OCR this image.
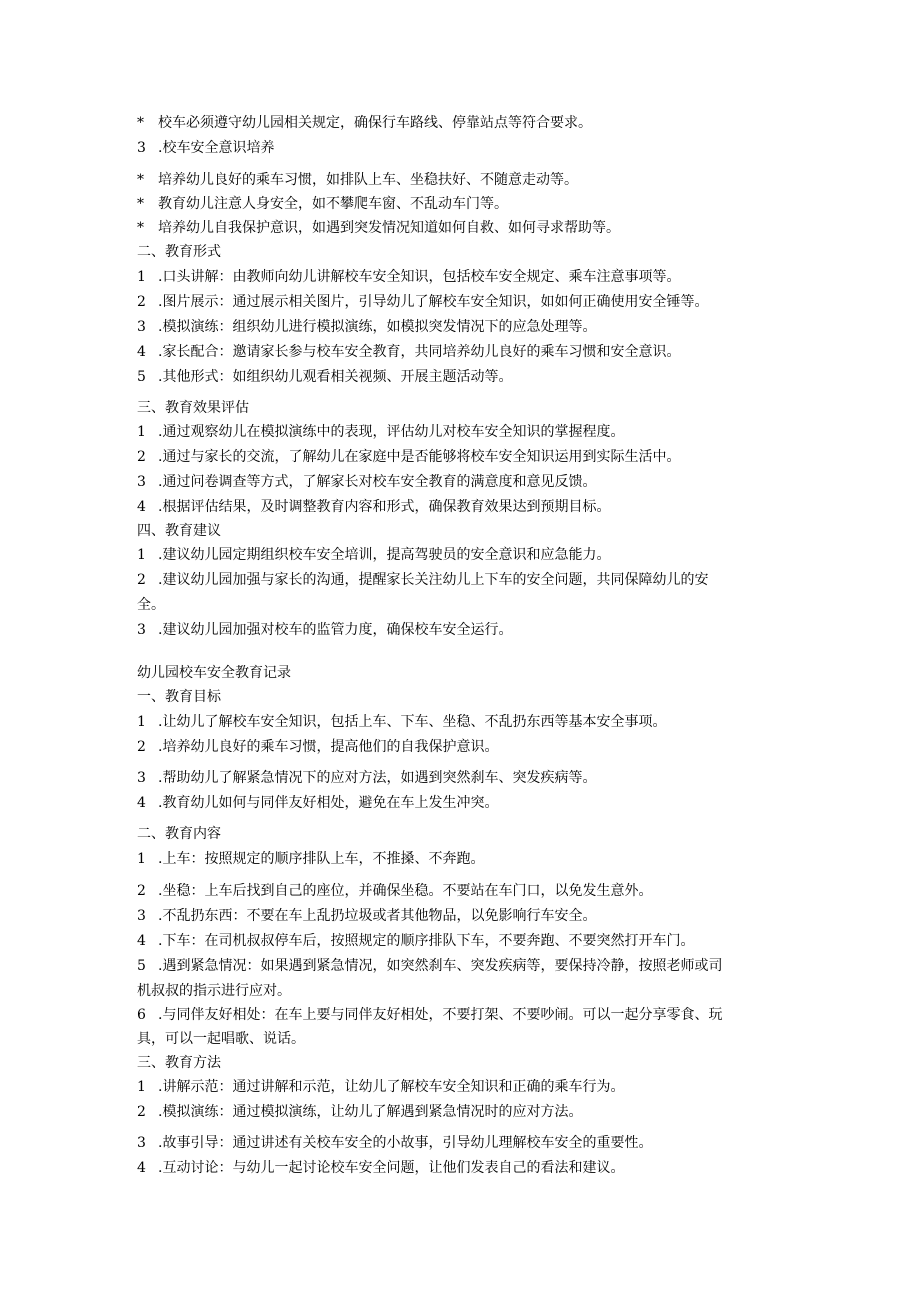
* 校车必须遵守幼儿园相关规定，确保行车路线、停靠站点等符合要求。
3 .校车安全意识培养
* 培养幼儿良好的乘车习惯，如排队上车、坐稳扶好、不随意走动等。
* 教育幼儿注意人身安全，如不攀爬车窗、不乱动车门等。
* 培养幼儿自我保护意识，如遇到突发情况知道如何自救、如何寻求帮助等。
二、教育形式
1 .口头讲解：由教师向幼儿讲解校车安全知识，包括校车安全规定、乘车注意事项等。
2 .图片展示：通过展示相关图片，引导幼儿了解校车安全知识，如如何正确使用安全锤等。
3 .模拟演练：组织幼儿进行模拟演练，如模拟突发情况下的应急处理等。
4 .家长配合：邀请家长参与校车安全教育，共同培养幼儿良好的乘车习惯和安全意识。
5 .其他形式：如组织幼儿观看相关视频、开展主题活动等。
三、教育效果评估
1 .通过观察幼儿在模拟演练中的表现，评估幼儿对校车安全知识的掌握程度。
2 .通过与家长的交流，了解幼儿在家庭中是否能够将校车安全知识运用到实际生活中。
3 .通过问卷调查等方式，了解家长对校车安全教育的满意度和意见反馈。
4 .根据评估结果，及时调整教育内容和形式，确保教育效果达到预期目标。
四、教育建议
1 .建议幼儿园定期组织校车安全培训，提高驾驶员的安全意识和应急能力。
2 .建议幼儿园加强与家长的沟通，提醒家长关注幼儿上下车的安全问题，共同保障幼儿的安
全。
3 .建议幼儿园加强对校车的监管力度，确保校车安全运行。
幼儿园校车安全教育记录
一、教育目标
1 .让幼儿了解校车安全知识，包括上车、下车、坐稳、不乱扔东西等基本安全事项。
2 .培养幼儿良好的乘车习惯，提高他们的自我保护意识。
3 .帮助幼儿了解紧急情况下的应对方法，如遇到突然刹车、突发疾病等。
4 .教育幼儿如何与同伴友好相处，避免在车上发生冲突。
二、教育内容
1 .上车：按照规定的顺序排队上车，不推搡、不奔跑。
2 .坐稳：上车后找到自己的座位，并确保坐稳。不要站在车门口，以免发生意外。
3 .不乱扔东西：不要在车上乱扔垃圾或者其他物品，以免影响行车安全。
4 .下车：在司机叔叔停车后，按照规定的顺序排队下车，不要奔跑、不要突然打开车门。
5 .遇到紧急情况：如果遇到紧急情况，如突然刹车、突发疾病等，要保持冷静，按照老师或司
机叔叔的指示进行应对。
6 .与同伴友好相处：在车上要与同伴友好相处，不要打架、不要吵闹。可以一起分享零食、玩
具，可以一起唱歌、说话。
三、教育方法
1 .讲解示范：通过讲解和示范，让幼儿了解校车安全知识和正确的乘车行为。
2 .模拟演练：通过模拟演练，让幼儿了解遇到紧急情况时的应对方法。
3 .故事引导：通过讲述有关校车安全的小故事，引导幼儿理解校车安全的重要性。
4 .互动讨论：与幼儿一起讨论校车安全问题，让他们发表自己的看法和建议。
